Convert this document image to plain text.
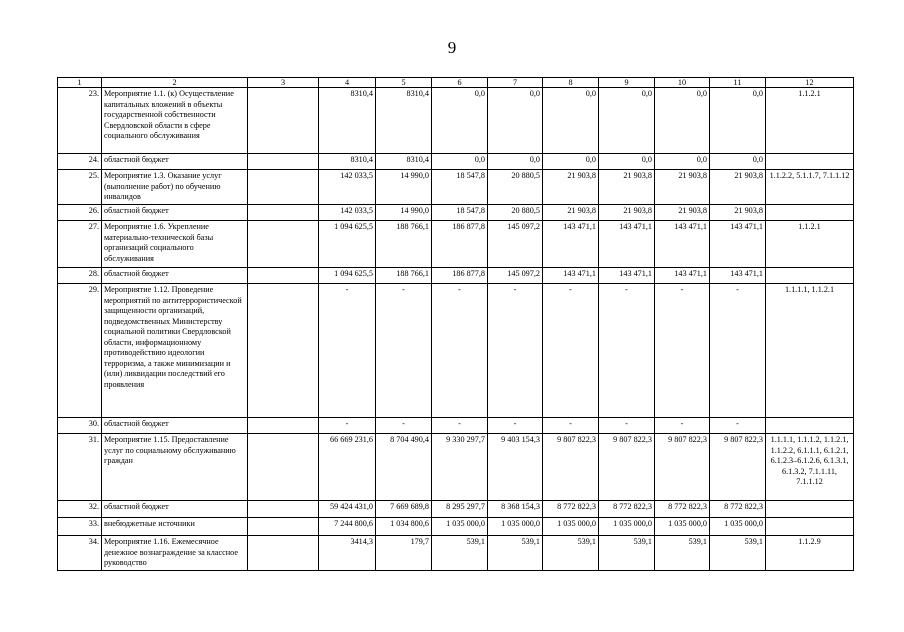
9
1	2	3	4	5	6	7	8	9	10	11	12
23.	Мероприятие 1.1. (к) Осуществление капитальных вложений в объекты государственной собственности Свердловской области в сфере социального обслуживания		8310,4	8310,4	0,0	0,0	0,0	0,0	0,0	0,0	1.1.2.1
24.	областной бюджет		8310,4	8310,4	0,0	0,0	0,0	0,0	0,0	0,0	
25.	Мероприятие 1.3. Оказание услуг (выполнение работ) по обучению инвалидов		142 033,5	14 990,0	18 547,8	20 880,5	21 903,8	21 903,8	21 903,8	21 903,8	1.1.2.2, 5.1.1.7, 7.1.1.12
26.	областной бюджет		142 033,5	14 990,0	18 547,8	20 880,5	21 903,8	21 903,8	21 903,8	21 903,8	
27.	Мероприятие 1.6. Укрепление материально-технической базы организаций социального обслуживания		1 094 625,5	188 766,1	186 877,8	145 097,2	143 471,1	143 471,1	143 471,1	143 471,1	1.1.2.1
28.	областной бюджет		1 094 625,5	188 766,1	186 877,8	145 097,2	143 471,1	143 471,1	143 471,1	143 471,1	
29.	Мероприятие 1.12. Проведение мероприятий по антитеррористической защищенности организаций, подведомственных Министерству социальной политики Свердловской области, информационному противодействию идеологии терроризма, а также минимизации и (или) ликвидации последствий его проявления		-	-	-	-	-	-	-	-	1.1.1.1, 1.1.2.1
30.	областной бюджет		-	-	-	-	-	-	-	-	
31.	Мероприятие 1.15. Предоставление услуг по социальному обслуживанию граждан		66 669 231,6	8 704 490,4	9 330 297,7	9 403 154,3	9 807 822,3	9 807 822,3	9 807 822,3	9 807 822,3	1.1.1.1, 1.1.1.2, 1.1.2.1, 1.1.2.2, 6.1.1.1, 6.1.2.1, 6.1.2.3–6.1.2.6, 6.1.3.1, 6.1.3.2, 7.1.1.11, 7.1.1.12
32.	областной бюджет		59 424 431,0	7 669 689,8	8 295 297,7	8 368 154,3	8 772 822,3	8 772 822,3	8 772 822,3	8 772 822,3	
33.	внебюджетные источники		7 244 800,6	1 034 800,6	1 035 000,0	1 035 000,0	1 035 000,0	1 035 000,0	1 035 000,0	1 035 000,0	
34.	Мероприятие 1.16. Ежемесячное денежное вознаграждение за классное руководство		3414,3	179,7	539,1	539,1	539,1	539,1	539,1	539,1	1.1.2.9
